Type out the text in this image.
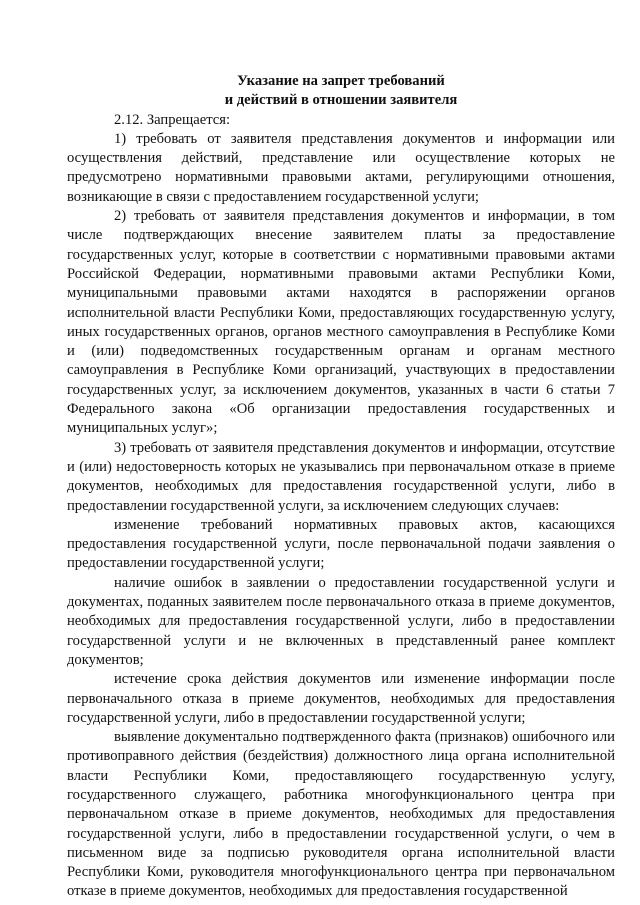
Указание на запрет требований
и действий в отношении заявителя

2.12. Запрещается:

1) требовать от заявителя представления документов и информации или осуществления действий, представление или осуществление которых не предусмотрено нормативными правовыми актами, регулирующими отношения, возникающие в связи с предоставлением государственной услуги;

2) требовать от заявителя представления документов и информации, в том числе подтверждающих внесение заявителем платы за предоставление государственных услуг, которые в соответствии с нормативными правовыми актами Российской Федерации, нормативными правовыми актами Республики Коми, муниципальными правовыми актами находятся в распоряжении органов исполнительной власти Республики Коми, предоставляющих государственную услугу, иных государственных органов, органов местного самоуправления в Республике Коми и (или) подведомственных государственным органам и органам местного самоуправления в Республике Коми организаций, участвующих в предоставлении государственных услуг, за исключением документов, указанных в части 6 статьи 7 Федерального закона «Об организации предоставления государственных и муниципальных услуг»;

3) требовать от заявителя представления документов и информации, отсутствие и (или) недостоверность которых не указывались при первоначальном отказе в приеме документов, необходимых для предоставления государственной услуги, либо в предоставлении государственной услуги, за исключением следующих случаев:

изменение требований нормативных правовых актов, касающихся предоставления государственной услуги, после первоначальной подачи заявления о предоставлении государственной услуги;

наличие ошибок в заявлении о предоставлении государственной услуги и документах, поданных заявителем после первоначального отказа в приеме документов, необходимых для предоставления государственной услуги, либо в предоставлении государственной услуги и не включенных в представленный ранее комплект документов;

истечение срока действия документов или изменение информации после первоначального отказа в приеме документов, необходимых для предоставления государственной услуги, либо в предоставлении государственной услуги;

выявление документально подтвержденного факта (признаков) ошибочного или противоправного действия (бездействия) должностного лица органа исполнительной власти Республики Коми, предоставляющего государственную услугу, государственного служащего, работника многофункционального центра при первоначальном отказе в приеме документов, необходимых для предоставления государственной услуги, либо в предоставлении государственной услуги, о чем в письменном виде за подписью руководителя органа исполнительной власти Республики Коми, руководителя многофункционального центра при первоначальном отказе в приеме документов, необходимых для предоставления государственной
